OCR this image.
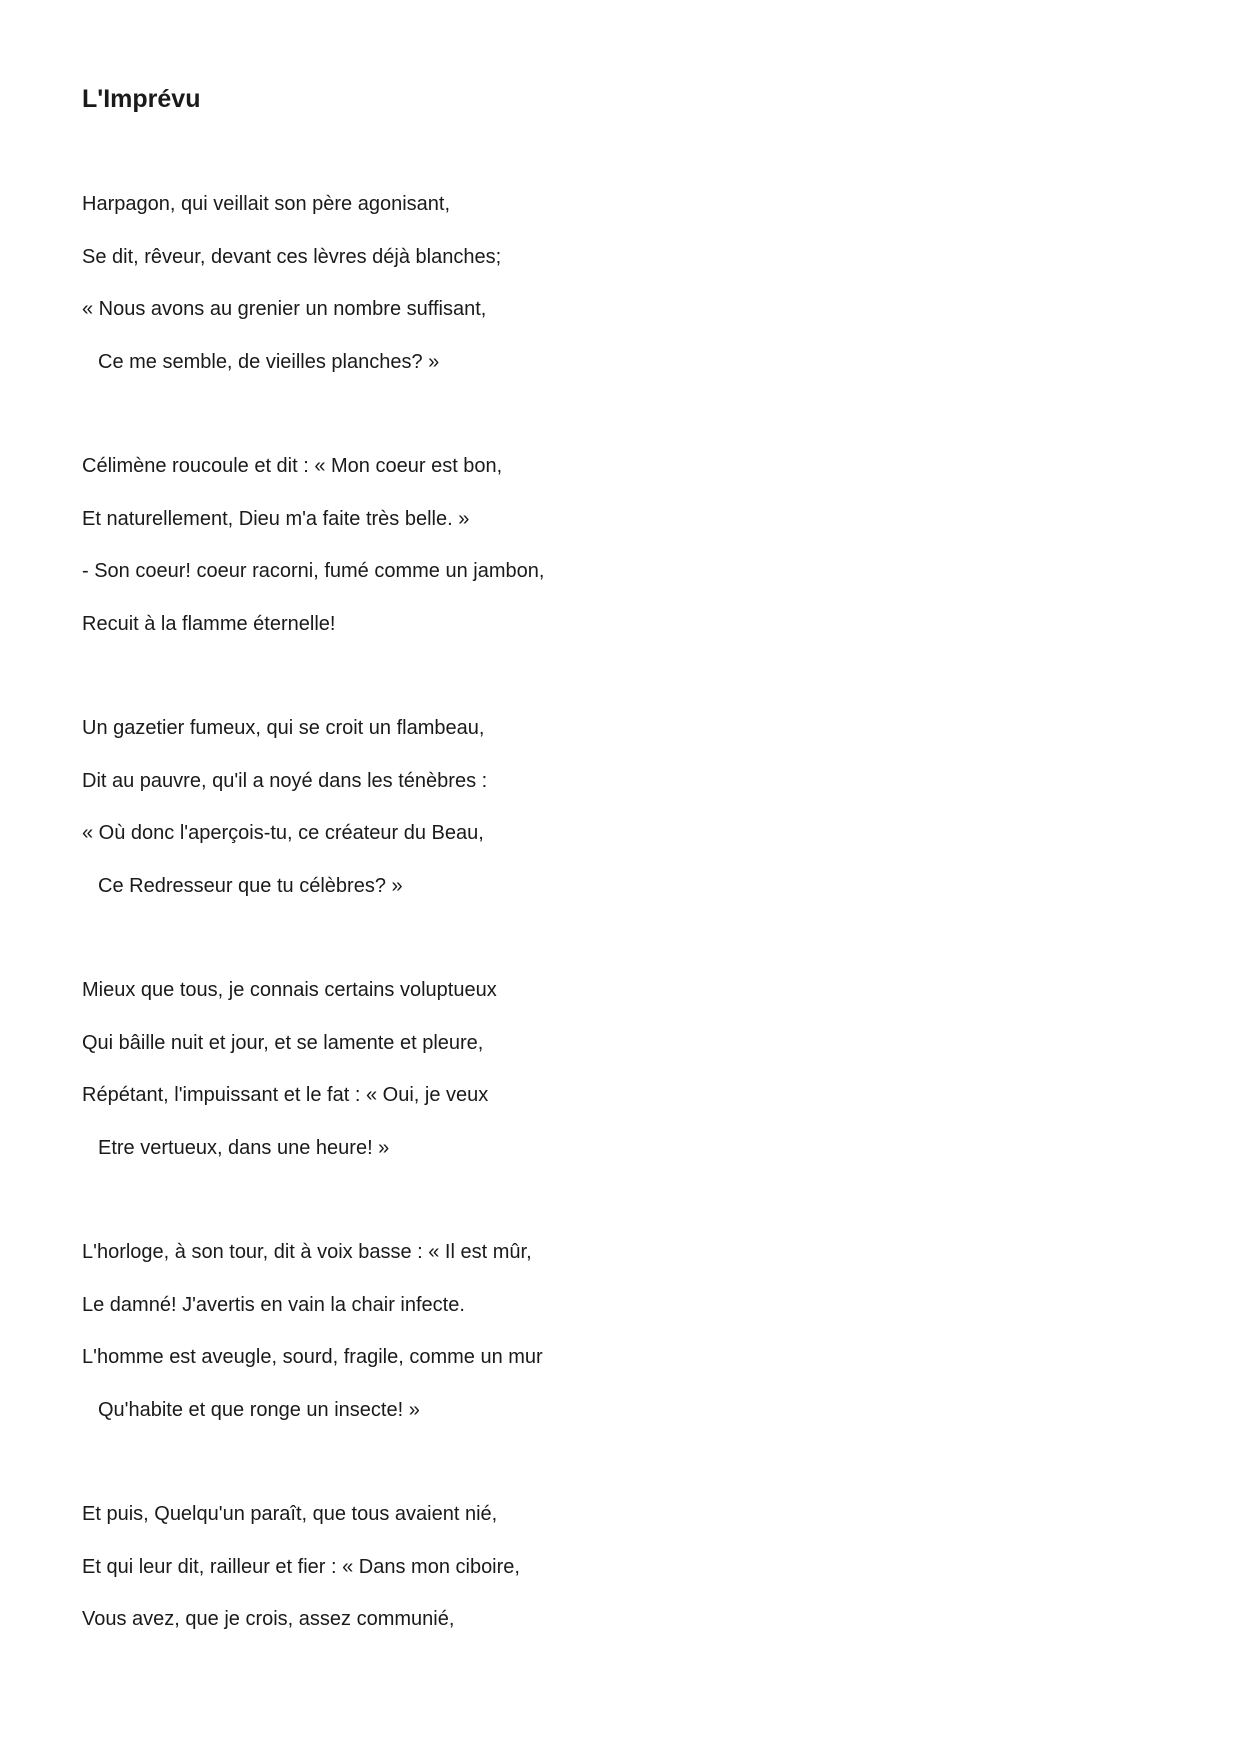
L'Imprévu
Harpagon, qui veillait son père agonisant,
Se dit, rêveur, devant ces lèvres déjà blanches;
« Nous avons au grenier un nombre suffisant,
Ce me semble, de vieilles planches? »
Célimène roucoule et dit : « Mon coeur est bon,
Et naturellement, Dieu m'a faite très belle. »
- Son coeur! coeur racorni, fumé comme un jambon,
Recuit à la flamme éternelle!
Un gazetier fumeux, qui se croit un flambeau,
Dit au pauvre, qu'il a noyé dans les ténèbres :
« Où donc l'aperçois-tu, ce créateur du Beau,
Ce Redresseur que tu célèbres? »
Mieux que tous, je connais certains voluptueux
Qui bâille nuit et jour, et se lamente et pleure,
Répétant, l'impuissant et le fat : « Oui, je veux
Etre vertueux, dans une heure! »
L'horloge, à son tour, dit à voix basse : « Il est mûr,
Le damné! J'avertis en vain la chair infecte.
L'homme est aveugle, sourd, fragile, comme un mur
Qu'habite et que ronge un insecte! »
Et puis, Quelqu'un paraît, que tous avaient nié,
Et qui leur dit, railleur et fier : « Dans mon ciboire,
Vous avez, que je crois, assez communié,
